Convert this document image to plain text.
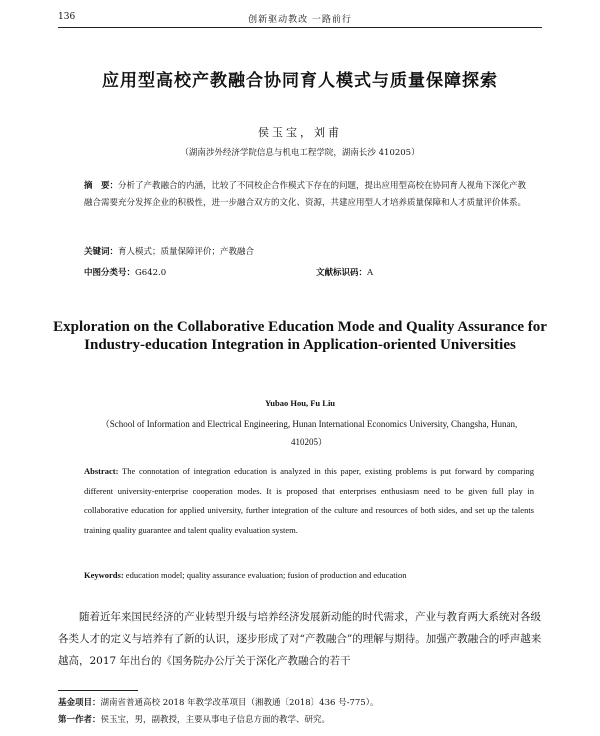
136	创新驱动教改 一路前行
应用型高校产教融合协同育人模式与质量保障探索
侯玉宝，刘甫
（湖南涉外经济学院信息与机电工程学院，湖南长沙 410205）
摘　要：分析了产教融合的内涵，比较了不同校企合作模式下存在的问题，提出应用型高校在协同育人视角下深化产教融合需要充分发挥企业的积极性，进一步融合双方的文化、资源，共建应用型人才培养质量保障和人才质量评价体系。
关键词：育人模式；质量保障评价；产教融合
中图分类号：G642.0	文献标识码：A
Exploration on the Collaborative Education Mode and Quality Assurance for Industry-education Integration in Application-oriented Universities
Yubao Hou, Fu Liu
（School of Information and Electrical Engineering, Hunan International Economics University, Changsha, Hunan, 410205）
Abstract: The connotation of integration education is analyzed in this paper, existing problems is put forward by comparing different university-enterprise cooperation modes. It is proposed that enterprises enthusiasm need to be given full play in collaborative education for applied university, further integration of the culture and resources of both sides, and set up the talents training quality guarantee and talent quality evaluation system.
Keywords: education model; quality assurance evaluation; fusion of production and education
随着近年来国民经济的产业转型升级与培养经济发展新动能的时代需求，产业与教育两大系统对各级各类人才的定义与培养有了新的认识，逐步形成了对“产教融合”的理解与期待。加强产教融合的呼声越来越高，2017 年出台的《国务院办公厅关于深化产教融合的若干
基金项目：湖南省普通高校 2018 年教学改革项目（湘教通〔2018〕436 号-775）。
第一作者：侯玉宝，男，副教授，主要从事电子信息方面的教学、研究。
